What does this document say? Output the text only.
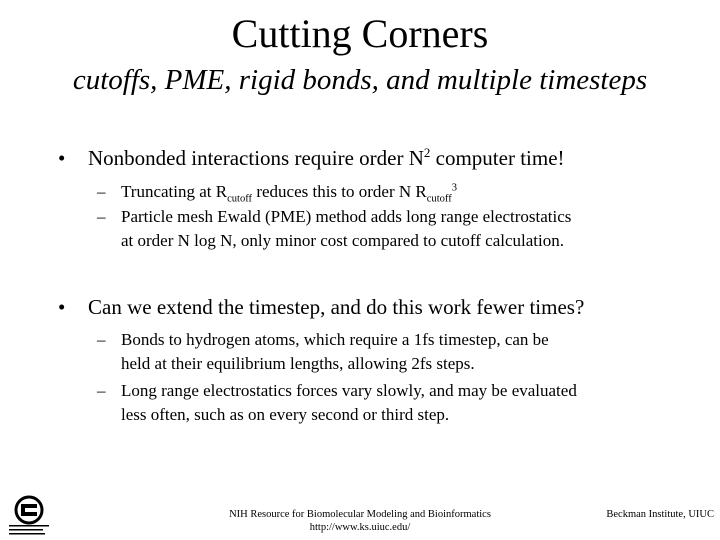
Cutting Corners
cutoffs, PME, rigid bonds, and multiple timesteps
• Nonbonded interactions require order $N^2$ computer time!
– Truncating at $R_{cutoff}$ reduces this to order N $R_{cutoff}^3$
– Particle mesh Ewald (PME) method adds long range electrostatics
at order N log N, only minor cost compared to cutoff calculation.
• Can we extend the timestep, and do this work fewer times?
– Bonds to hydrogen atoms, which require a 1fs timestep, can be
held at their equilibrium lengths, allowing 2fs steps.
– Long range electrostatics forces vary slowly, and may be evaluated
less often, such as on every second or third step.
NIH Resource for Biomolecular Modeling and Bioinformatics
http://www.ks.uiuc.edu/
Beckman Institute, UIUC
